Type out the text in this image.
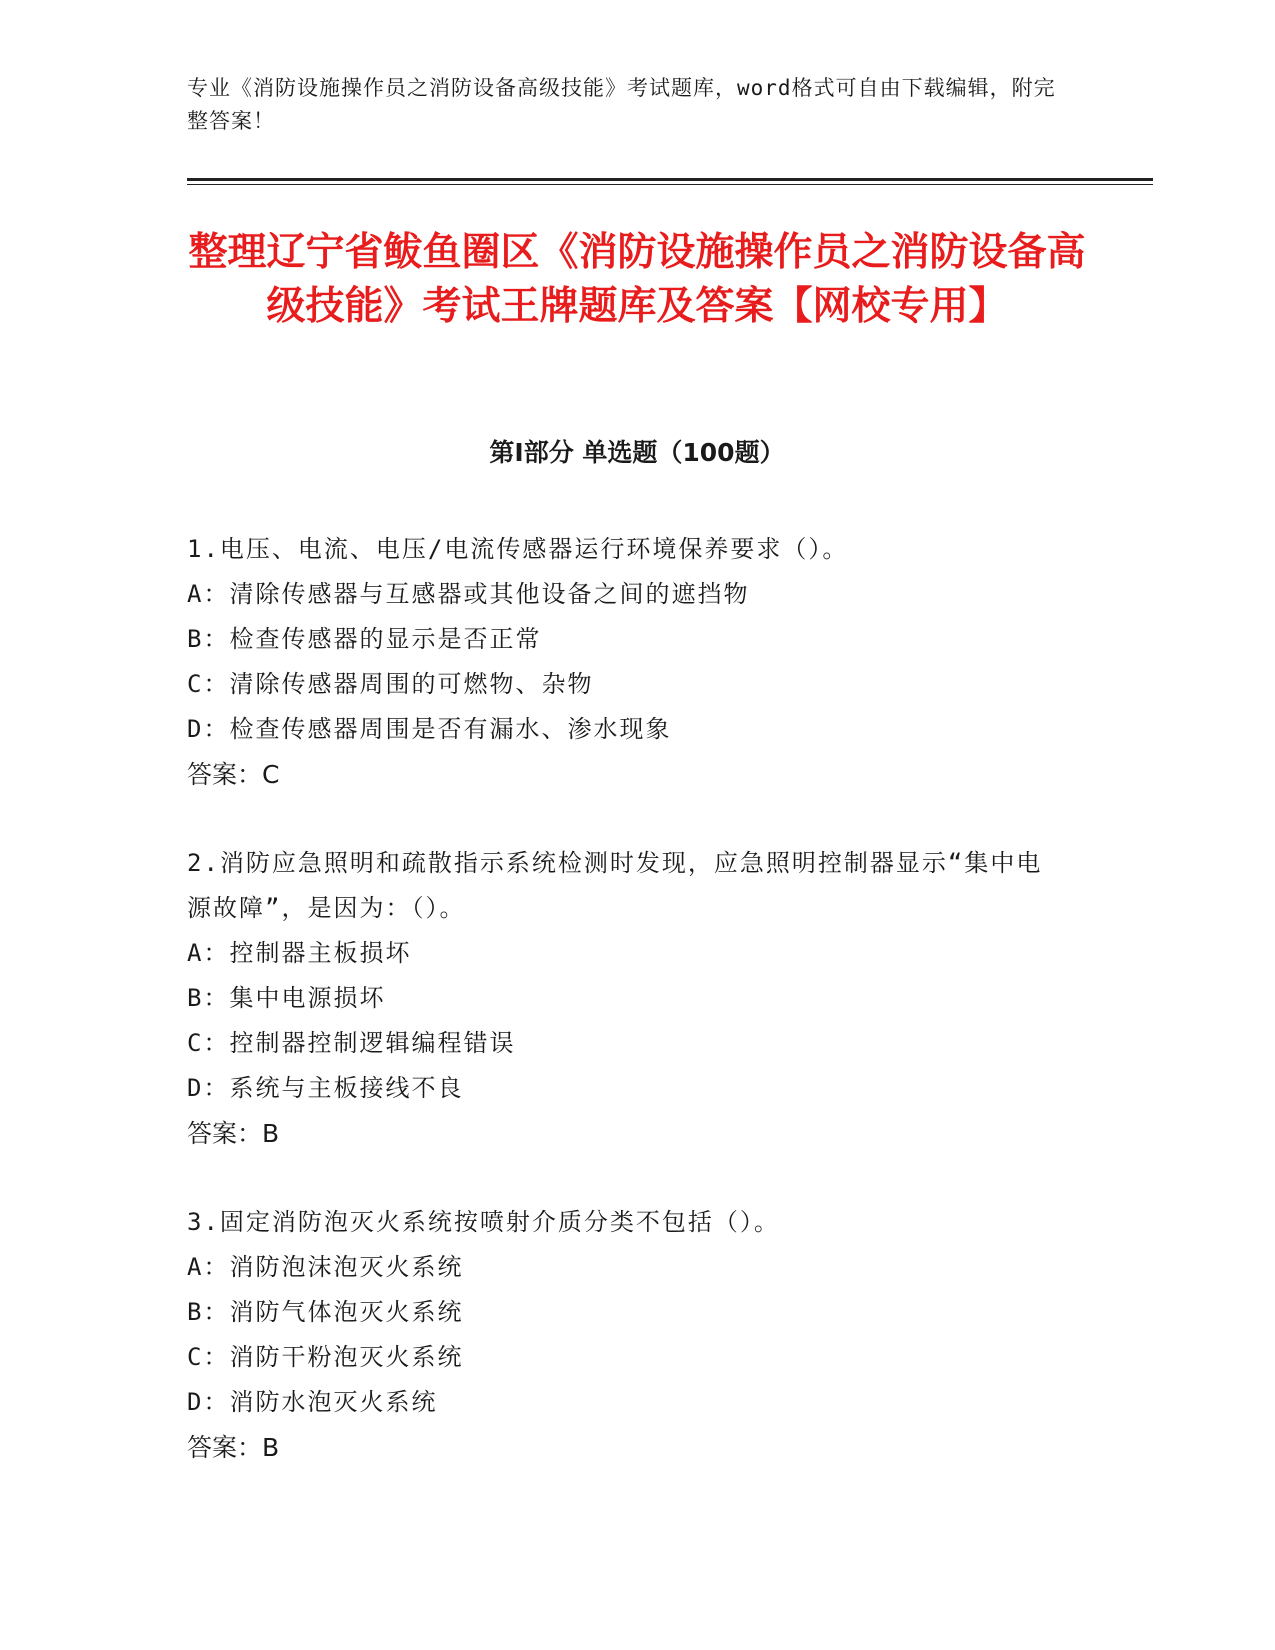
专业《消防设施操作员之消防设备高级技能》考试题库，word格式可自由下载编辑，附完整答案！
整理辽宁省鲅鱼圈区《消防设施操作员之消防设备高级技能》考试王牌题库及答案【网校专用】
第Ⅰ部分 单选题（100题）
1.电压、电流、电压/电流传感器运行环境保养要求（）。
A：清除传感器与互感器或其他设备之间的遮挡物
B：检查传感器的显示是否正常
C：清除传感器周围的可燃物、杂物
D：检查传感器周围是否有漏水、渗水现象
答案：C
2.消防应急照明和疏散指示系统检测时发现，应急照明控制器显示“集中电源故障”，是因为：（）。
A：控制器主板损坏
B：集中电源损坏
C：控制器控制逻辑编程错误
D：系统与主板接线不良
答案：B
3.固定消防泡灭火系统按喷射介质分类不包括（）。
A：消防泡沫泡灭火系统
B：消防气体泡灭火系统
C：消防干粉泡灭火系统
D：消防水泡灭火系统
答案：B
